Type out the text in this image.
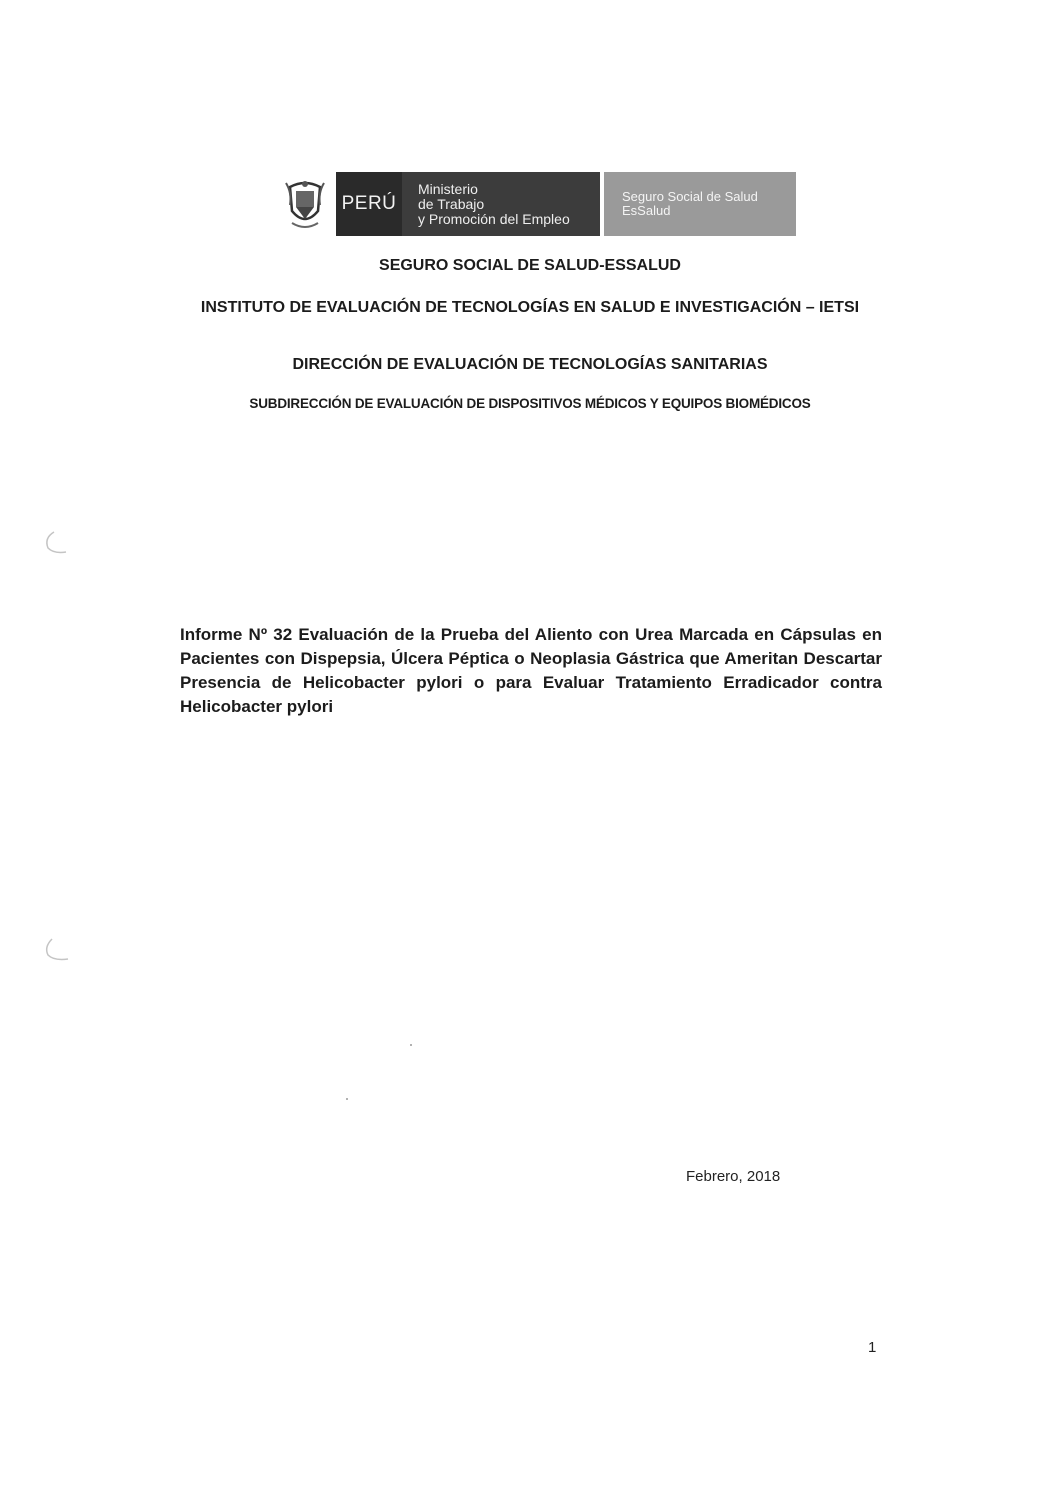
PERÚ
Ministerio
de Trabajo
y Promoción del Empleo
Seguro Social de Salud
EsSalud
SEGURO SOCIAL DE SALUD-ESSALUD
INSTITUTO DE EVALUACIÓN DE TECNOLOGÍAS EN SALUD E INVESTIGACIÓN – IETSI
DIRECCIÓN DE EVALUACIÓN DE TECNOLOGÍAS SANITARIAS
SUBDIRECCIÓN DE EVALUACIÓN DE DISPOSITIVOS MÉDICOS Y EQUIPOS BIOMÉDICOS
Informe Nº 32 Evaluación de la Prueba del Aliento con Urea Marcada en Cápsulas en Pacientes con Dispepsia, Úlcera Péptica o Neoplasia Gástrica que Ameritan Descartar Presencia de Helicobacter pylori o para Evaluar Tratamiento Erradicador contra Helicobacter pylori
Febrero, 2018
1
